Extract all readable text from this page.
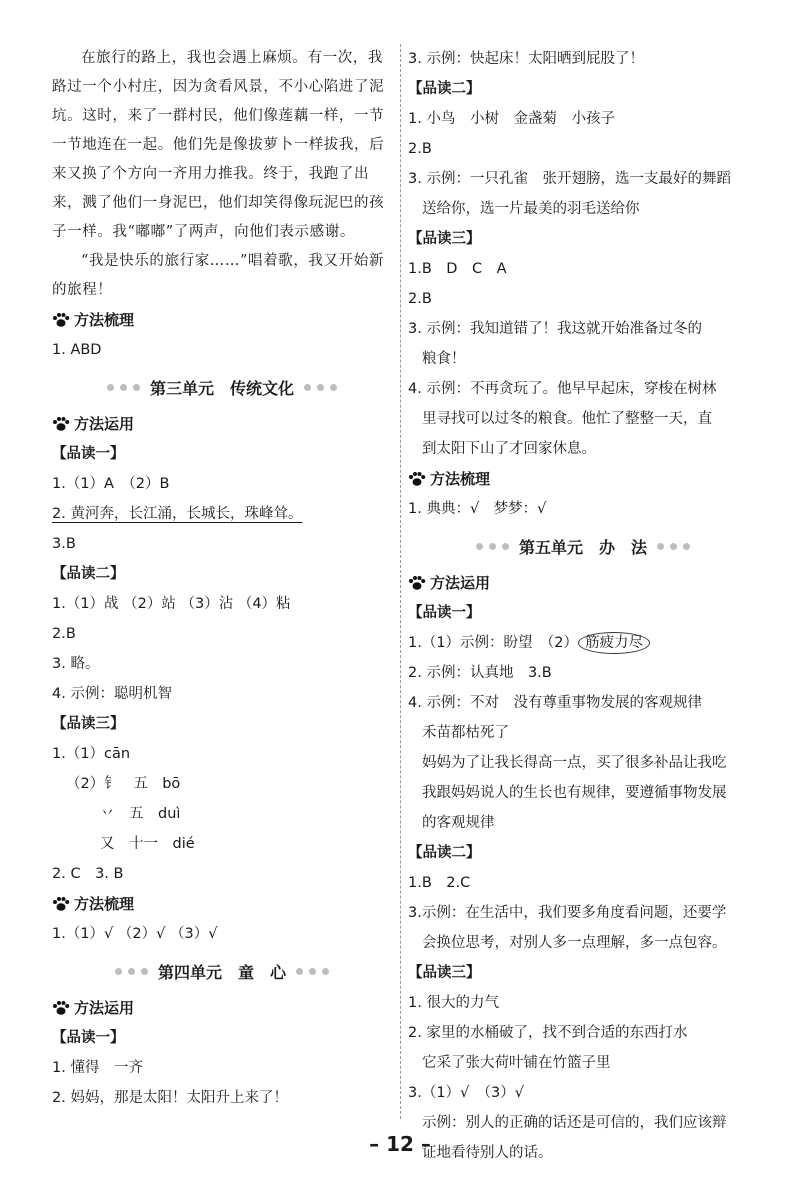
在旅行的路上，我也会遇上麻烦。有一次，我路过一个小村庄，因为贪看风景，不小心陷进了泥坑。这时，来了一群村民，他们像莲藕一样，一节一节地连在一起。他们先是像拔萝卜一样拔我，后来又换了个方向一齐用力推我。终于，我跑了出来，溅了他们一身泥巴，他们却笑得像玩泥巴的孩子一样。我“嘟嘟”了两声，向他们表示感谢。

“我是快乐的旅行家……”唱着歌，我又开始新的旅程！

方法梳理

1. ABD

第三单元　传统文化
方法运用

【品读一】

1.（1）A　（2）B

2. 黄河奔，长江涌，长城长，珠峰耸。

3.B

【品读二】

1.（1）战 （2）站 （3）沾 （4）粘

2.B

3. 略。

4. 示例：聪明机智

【品读三】

1.（1）cān

（2）钅　五　bō

丷　五　duì

又　十一　dié

2. C　3. B

方法梳理

1.（1）√ （2）√ （3）√

第四单元　童　心
方法运用

【品读一】

1. 懂得　一齐

2. 妈妈，那是太阳！太阳升上来了！

3. 示例：快起床！太阳晒到屁股了！

【品读二】

1. 小鸟　小树　金盏菊　小孩子

2.B

3. 示例：一只孔雀　张开翅膀，选一支最好的舞蹈

送给你，选一片最美的羽毛送给你

【品读三】

1.B　D　C　A

2.B

3. 示例：我知道错了！我这就开始准备过冬的

粮食！

4. 示例：不再贪玩了。他早早起床，穿梭在树林

里寻找可以过冬的粮食。他忙了整整一天，直

到太阳下山了才回家休息。

方法梳理

1. 典典：√　梦梦：√

第五单元　办　法
方法运用

【品读一】

1.（1）示例：盼望　（2） 筋疲力尽

2. 示例：认真地　3.B

4. 示例：不对　没有尊重事物发展的客观规律

禾苗都枯死了

妈妈为了让我长得高一点，买了很多补品让我吃

我跟妈妈说人的生长也有规律，要遵循事物发展

的客观规律

【品读二】

1.B　2.C

3.示例：在生活中，我们要多角度看问题，还要学

会换位思考，对别人多一点理解，多一点包容。

【品读三】

1. 很大的力气

2. 家里的水桶破了，找不到合适的东西打水

它采了张大荷叶铺在竹篮子里

3.（1）√　（3）√

示例：别人的正确的话还是可信的，我们应该辩

证地看待别人的话。

– 12 –
